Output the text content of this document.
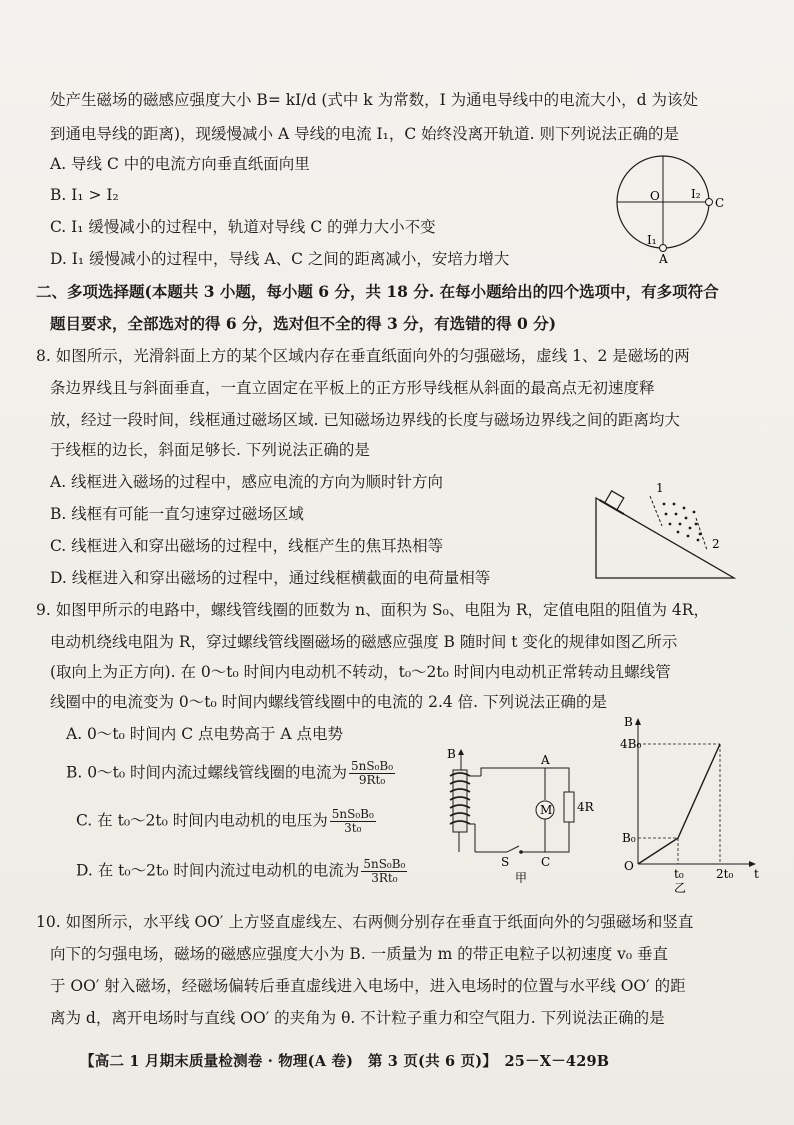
处产生磁场的磁感应强度大小 B= kI/d (式中 k 为常数，I 为通电导线中的电流大小，d 为该处
到通电导线的距离)，现缓慢减小 A 导线的电流 I₁，C 始终没离开轨道. 则下列说法正确的是
A. 导线 C 中的电流方向垂直纸面向里
B. I₁ > I₂
C. I₁ 缓慢减小的过程中，轨道对导线 C 的弹力大小不变
D. I₁ 缓慢减小的过程中，导线 A、C 之间的距离减小，安培力增大
O	I₂
C
I₁
A
二、多项选择题(本题共 3 小题，每小题 6 分，共 18 分. 在每小题给出的四个选项中，有多项符合
题目要求，全部选对的得 6 分，选对但不全的得 3 分，有选错的得 0 分)
8. 如图所示，光滑斜面上方的某个区域内存在垂直纸面向外的匀强磁场，虚线 1、2 是磁场的两
条边界线且与斜面垂直，一直立固定在平板上的正方形导线框从斜面的最高点无初速度释
放，经过一段时间，线框通过磁场区域. 已知磁场边界线的长度与磁场边界线之间的距离均大
于线框的边长，斜面足够长. 下列说法正确的是
A. 线框进入磁场的过程中，感应电流的方向为顺时针方向
B. 线框有可能一直匀速穿过磁场区域
C. 线框进入和穿出磁场的过程中，线框产生的焦耳热相等
D. 线框进入和穿出磁场的过程中，通过线框横截面的电荷量相等
1
2
9. 如图甲所示的电路中，螺线管线圈的匝数为 n、面积为 S₀、电阻为 R，定值电阻的阻值为 4R，
电动机绕线电阻为 R，穿过螺线管线圈磁场的磁感应强度 B 随时间 t 变化的规律如图乙所示
(取向上为正方向). 在 0～t₀ 时间内电动机不转动，t₀～2t₀ 时间内电动机正常转动且螺线管
线圈中的电流变为 0～t₀ 时间内螺线管线圈中的电流的 2.4 倍. 下列说法正确的是
A. 0～t₀ 时间内 C 点电势高于 A 点电势
B. 0～t₀ 时间内流过螺线管线圈的电流为 $\frac{\text{5nS₀B₀}}{\text{9Rt₀}}$
C. 在 t₀～2t₀ 时间内电动机的电压为 $\frac{\text{5nS₀B₀}}{\text{3t₀}}$
D. 在 t₀～2t₀ 时间内流过电动机的电流为 $\frac{\text{5nS₀B₀}}{\text{3Rt₀}}$
B
4R
M
A
S	C
甲
B
4B₀
B₀
O
t₀	2t₀ t
乙
10. 如图所示，水平线 OO′ 上方竖直虚线左、右两侧分别存在垂直于纸面向外的匀强磁场和竖直
向下的匀强电场，磁场的磁感应强度大小为 B. 一质量为 m 的带正电粒子以初速度 v₀ 垂直
于 OO′ 射入磁场，经磁场偏转后垂直虚线进入电场中，进入电场时的位置与水平线 OO′ 的距
离为 d，离开电场时与直线 OO′ 的夹角为 θ. 不计粒子重力和空气阻力. 下列说法正确的是
【高二 1 月期末质量检测卷 · 物理(A 卷)　第 3 页(共 6 页)】　25－X－429B
